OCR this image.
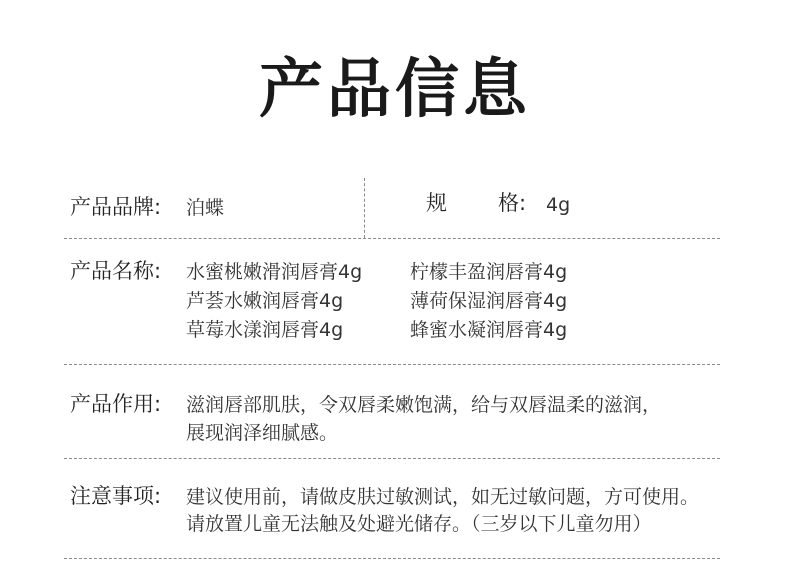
产品信息
产品品牌: 泊蝶	规 格: 4g
产品名称: 水蜜桃嫩滑润唇膏4g	柠檬丰盈润唇膏4g
芦荟水嫩润唇膏4g	薄荷保湿润唇膏4g
草莓水漾润唇膏4g	蜂蜜水凝润唇膏4g
产品作用: 滋润唇部肌肤，令双唇柔嫩饱满，给与双唇温柔的滋润，
展现润泽细腻感。
注意事项: 建议使用前，请做皮肤过敏测试，如无过敏问题，方可使用。
请放置儿童无法触及处避光储存。（三岁以下儿童勿用）
